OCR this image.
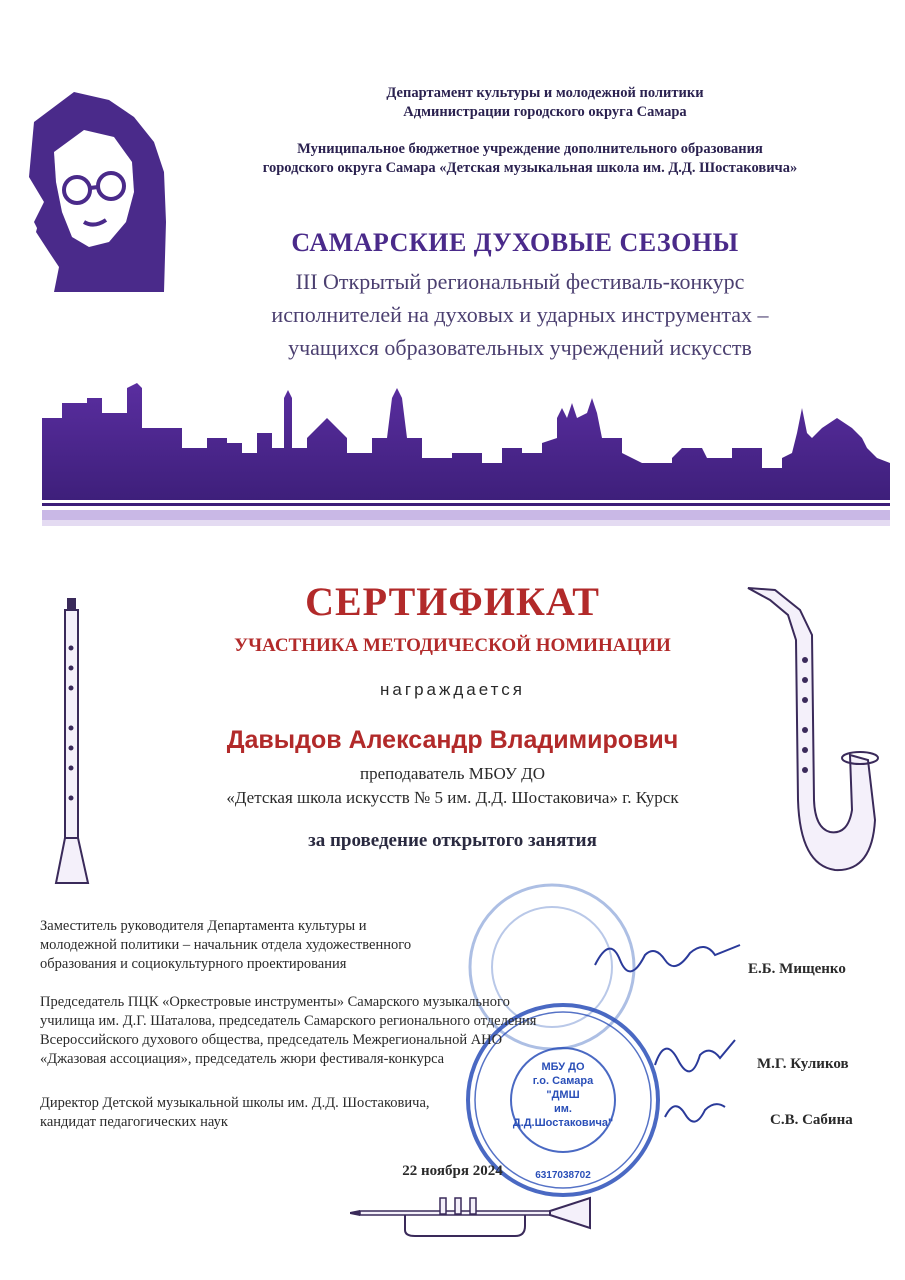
Департамент культуры и молодежной политики
Администрации городского округа Самара
Муниципальное бюджетное учреждение дополнительного образования
городского округа Самара «Детская музыкальная школа им. Д.Д. Шостаковича»
САМАРСКИЕ ДУХОВЫЕ СЕЗОНЫ
III Открытый региональный фестиваль-конкурс
исполнителей на духовых и ударных инструментах –
учащихся образовательных учреждений искусств
СЕРТИФИКАТ
УЧАСТНИКА МЕТОДИЧЕСКОЙ НОМИНАЦИИ
награждается
Давыдов Александр Владимирович
преподаватель МБОУ ДО
«Детская школа искусств № 5 им. Д.Д. Шостаковича» г. Курск
за проведение открытого занятия
МБУ ДО
г.о. Самара
"ДМШ
им.
Д.Д.Шостаковича"
6317038702
Заместитель руководителя Департамента культуры и
молодежной политики – начальник отдела художественного
образования и социокультурного проектирования	Е.Б. Мищенко
Председатель ПЦК «Оркестровые инструменты» Самарского музыкального
училища им. Д.Г. Шаталова, председатель Самарского регионального отделения
Всероссийского духового общества, председатель Межрегиональной АНО
«Джазовая ассоциация», председатель жюри фестиваля-конкурса	М.Г. Куликов
Директор Детской музыкальной школы им. Д.Д. Шостаковича,
кандидат педагогических наук	С.В. Сабина
22 ноября 2024
